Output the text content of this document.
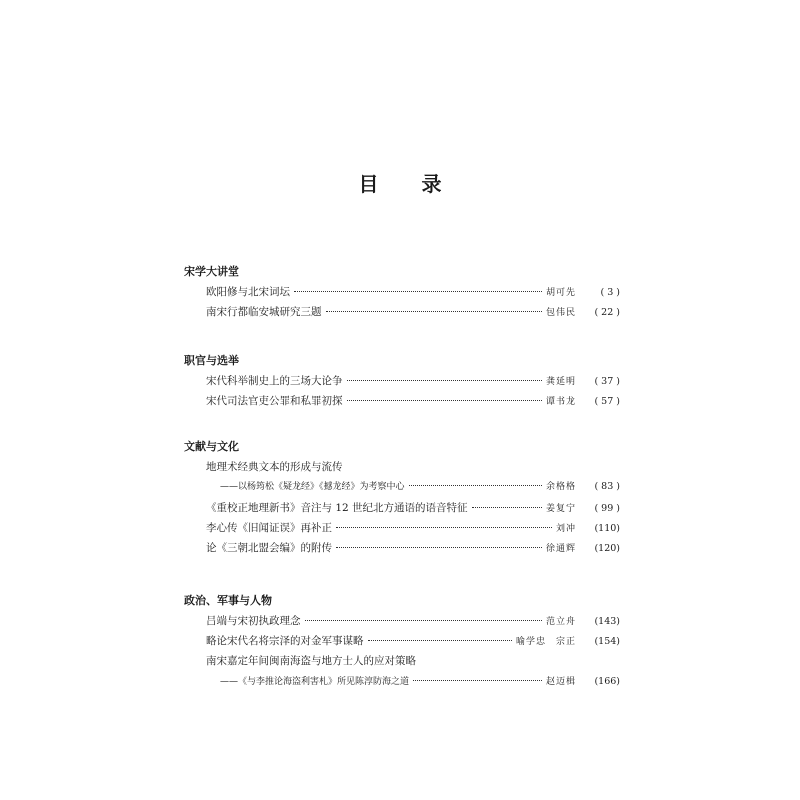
目 录
宋学大讲堂
欧阳修与北宋词坛	胡可先	( 3 )
南宋行都临安城研究三题	包伟民	( 22 )
职官与选举
宋代科举制史上的三场大论争	龚延明	( 37 )
宋代司法官吏公罪和私罪初探	谭书龙	( 57 )
文献与文化
地理术经典文本的形成与流传
——以杨筠松《疑龙经》《撼龙经》为考察中心	余格格	( 83 )
《重校正地理新书》音注与 12 世纪北方通语的语音特征	姜复宁	( 99 )
李心传《旧闻证误》再补正	刘冲	(110)
论《三朝北盟会编》的附传	徐通辉	(120)
政治、军事与人物
吕端与宋初执政理念	范立舟	(143)
略论宋代名将宗泽的对金军事谋略	喻学忠　宗正	(154)
南宋嘉定年间闽南海盗与地方士人的应对策略
——《与李推论海盗利害札》所见陈淳防海之道	赵迈楫	(166)
